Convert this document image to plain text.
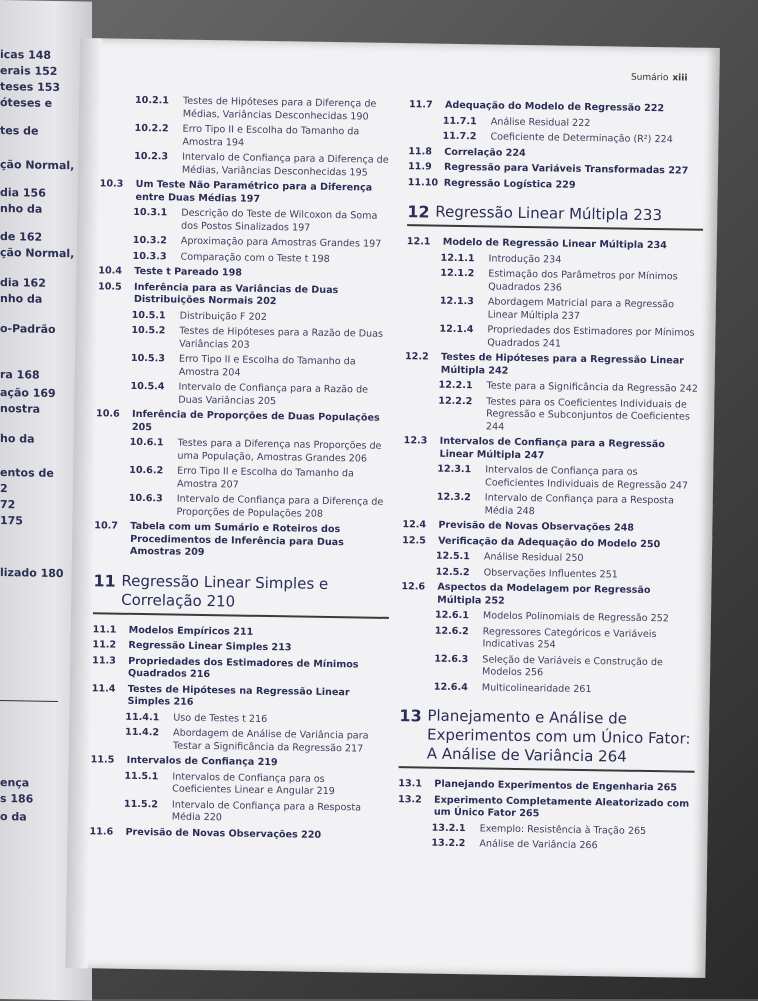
icas 148
erais 152
teses 153
óteses e
tes de
ção Normal,
dia 156
nho da
de 162
ção Normal,
dia 162
nho da
o-Padrão
ra 168
ação 169
nostra
ho da
entos de
2
72
175
lizado 180
ença
s 186
o da
Sumário xiii
10.2.1	Testes de Hipóteses para a Diferença de Médias, Variâncias Desconhecidas 190
10.2.2	Erro Tipo II e Escolha do Tamanho da Amostra 194
10.2.3	Intervalo de Confiança para a Diferença de Médias, Variâncias Desconhecidas 195
10.3	Um Teste Não Paramétrico para a Diferença entre Duas Médias 197
10.3.1	Descrição do Teste de Wilcoxon da Soma dos Postos Sinalizados 197
10.3.2	Aproximação para Amostras Grandes 197
10.3.3	Comparação com o Teste t 198
10.4	Teste t Pareado 198
10.5	Inferência para as Variâncias de Duas Distribuições Normais 202
10.5.1	Distribuição F 202
10.5.2	Testes de Hipóteses para a Razão de Duas Variâncias 203
10.5.3	Erro Tipo II e Escolha do Tamanho da Amostra 204
10.5.4	Intervalo de Confiança para a Razão de Duas Variâncias 205
10.6	Inferência de Proporções de Duas Populações 205
10.6.1	Testes para a Diferença nas Proporções de uma População, Amostras Grandes 206
10.6.2	Erro Tipo II e Escolha do Tamanho da Amostra 207
10.6.3	Intervalo de Confiança para a Diferença de Proporções de Populações 208
10.7	Tabela com um Sumário e Roteiros dos Procedimentos de Inferência para Duas Amostras 209
11 Regressão Linear Simples e Correlação 210
11.1	Modelos Empíricos 211
11.2	Regressão Linear Simples 213
11.3	Propriedades dos Estimadores de Mínimos Quadrados 216
11.4	Testes de Hipóteses na Regressão Linear Simples 216
11.4.1	Uso de Testes t 216
11.4.2	Abordagem de Análise de Variância para Testar a Significância da Regressão 217
11.5	Intervalos de Confiança 219
11.5.1	Intervalos de Confiança para os Coeficientes Linear e Angular 219
11.5.2	Intervalo de Confiança para a Resposta Média 220
11.6	Previsão de Novas Observações 220
11.7	Adequação do Modelo de Regressão 222
11.7.1	Análise Residual 222
11.7.2	Coeficiente de Determinação (R²) 224
11.8	Correlação 224
11.9	Regressão para Variáveis Transformadas 227
11.10 Regressão Logística 229
12 Regressão Linear Múltipla 233
12.1	Modelo de Regressão Linear Múltipla 234
12.1.1	Introdução 234
12.1.2	Estimação dos Parâmetros por Mínimos Quadrados 236
12.1.3	Abordagem Matricial para a Regressão Linear Múltipla 237
12.1.4	Propriedades dos Estimadores por Mínimos Quadrados 241
12.2	Testes de Hipóteses para a Regressão Linear Múltipla 242
12.2.1	Teste para a Significância da Regressão 242
12.2.2	Testes para os Coeficientes Individuais de Regressão e Subconjuntos de Coeficientes 244
12.3	Intervalos de Confiança para a Regressão Linear Múltipla 247
12.3.1	Intervalos de Confiança para os Coeficientes Individuais de Regressão 247
12.3.2	Intervalo de Confiança para a Resposta Média 248
12.4	Previsão de Novas Observações 248
12.5	Verificação da Adequação do Modelo 250
12.5.1	Análise Residual 250
12.5.2	Observações Influentes 251
12.6	Aspectos da Modelagem por Regressão Múltipla 252
12.6.1	Modelos Polinomiais de Regressão 252
12.6.2	Regressores Categóricos e Variáveis Indicativas 254
12.6.3	Seleção de Variáveis e Construção de Modelos 256
12.6.4	Multicolinearidade 261
13 Planejamento e Análise de Experimentos com um Único Fator: A Análise de Variância 264
13.1	Planejando Experimentos de Engenharia 265
13.2	Experimento Completamente Aleatorizado com um Único Fator 265
13.2.1	Exemplo: Resistência à Tração 265
13.2.2	Análise de Variância 266
